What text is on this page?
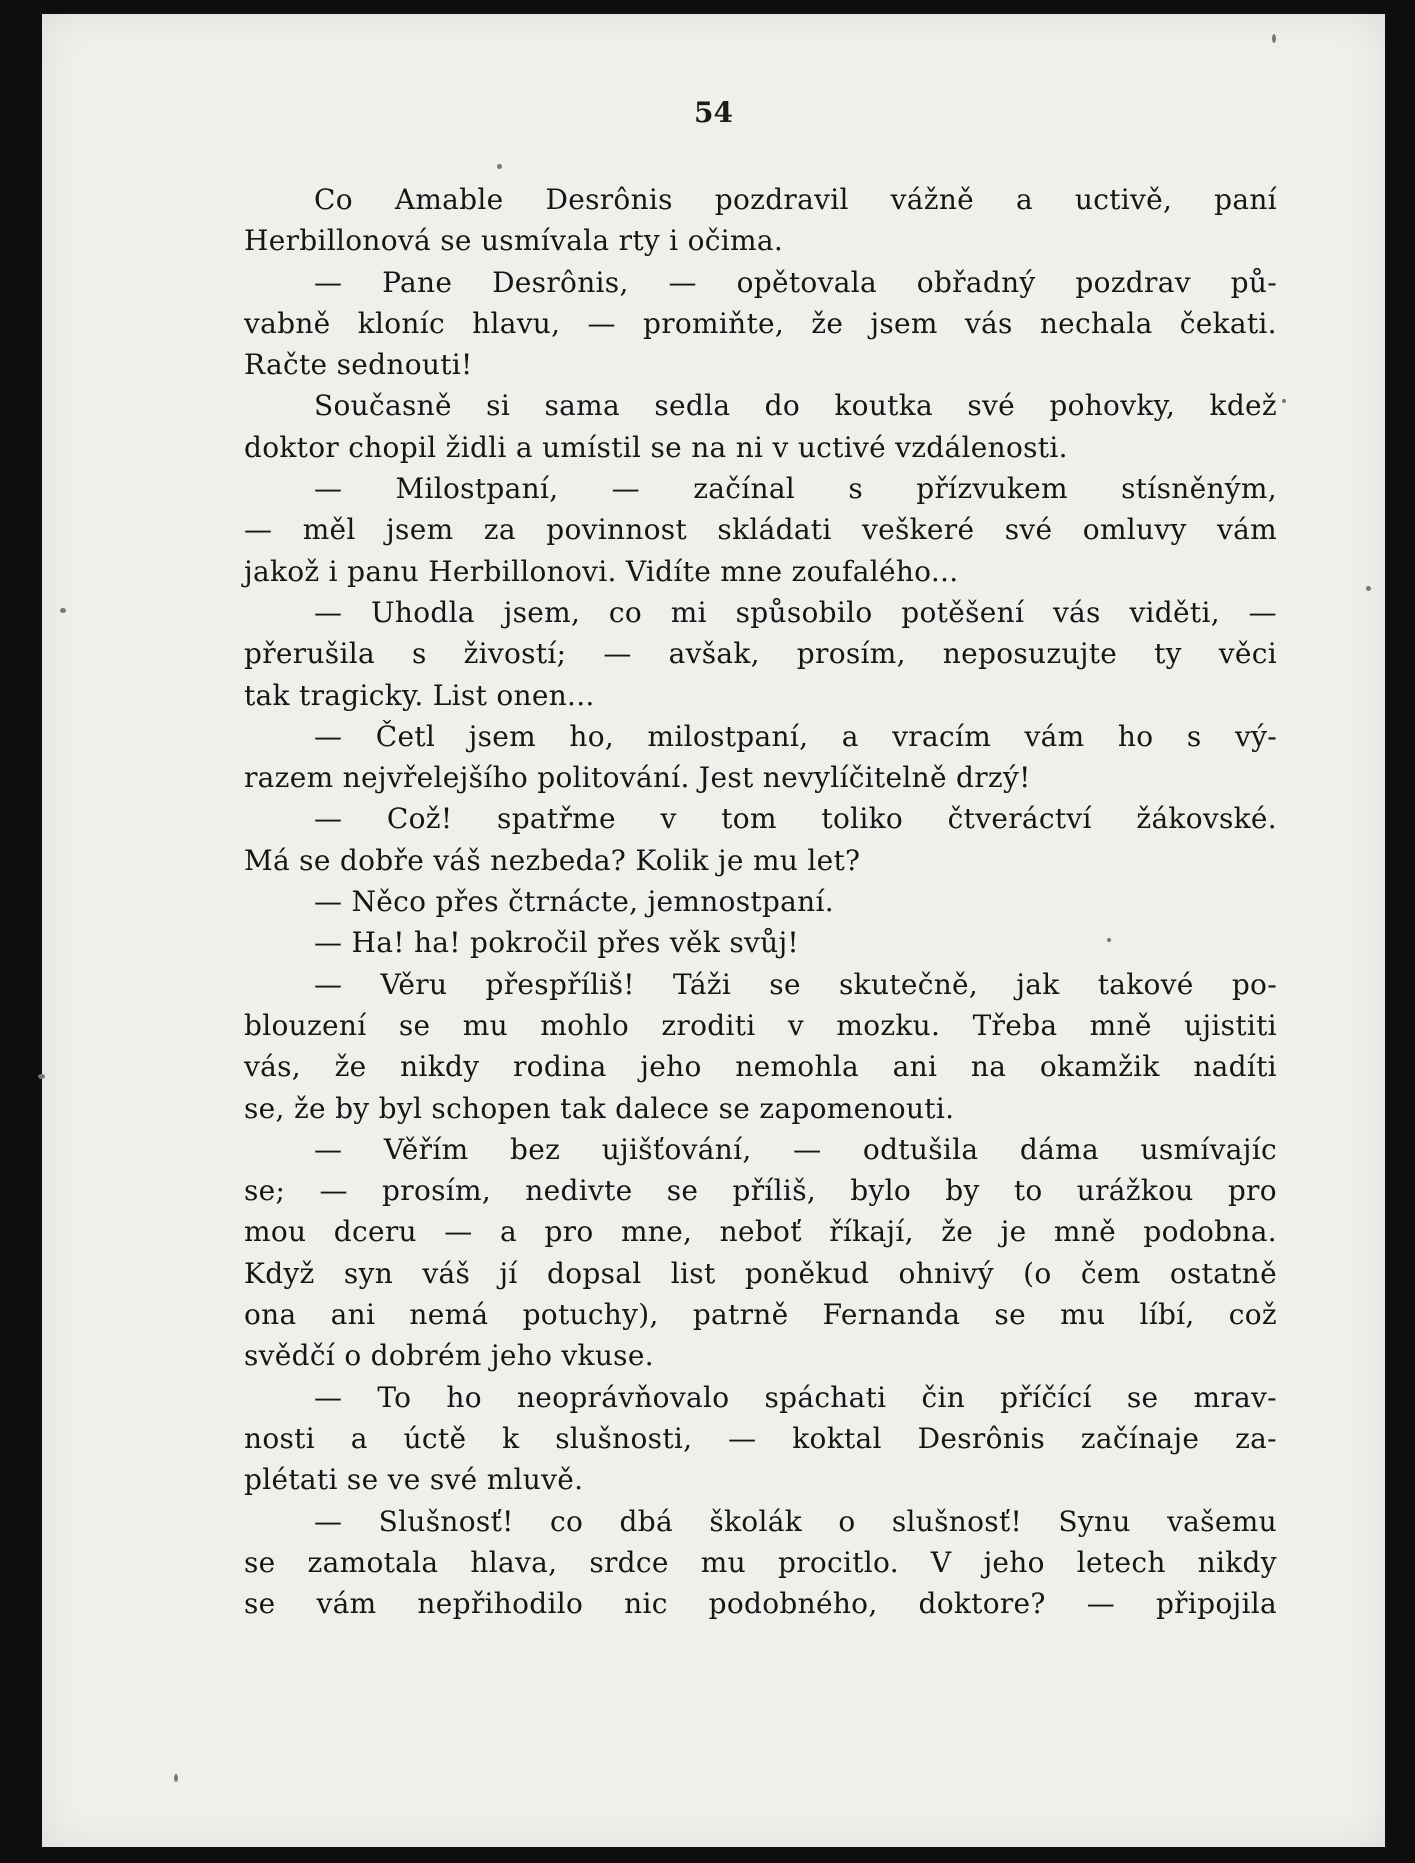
54
Co Amable Desrônis pozdravil vážně a uctivě, paní
Herbillonová se usmívala rty i očima.
— Pane Desrônis, — opětovala obřadný pozdrav pů-
vabně kloníc hlavu, — promiňte, že jsem vás nechala čekati.
Račte sednouti!
Současně si sama sedla do koutka své pohovky, kdež
doktor chopil židli a umístil se na ni v uctivé vzdálenosti.
— Milostpaní, — začínal s přízvukem stísněným,
— měl jsem za povinnost skládati veškeré své omluvy vám
jakož i panu Herbillonovi. Vidíte mne zoufalého...
— Uhodla jsem, co mi spůsobilo potěšení vás viděti, —
přerušila s živostí; — avšak, prosím, neposuzujte ty věci
tak tragicky. List onen...
— Četl jsem ho, milostpaní, a vracím vám ho s vý-
razem nejvřelejšího politování. Jest nevylíčitelně drzý!
— Což! spatřme v tom toliko čtveráctví žákovské.
Má se dobře váš nezbeda? Kolik je mu let?
— Něco přes čtrnácte, jemnostpaní.
— Ha! ha! pokročil přes věk svůj!
— Věru přespříliš! Táži se skutečně, jak takové po-
blouzení se mu mohlo zroditi v mozku. Třeba mně ujistiti
vás, že nikdy rodina jeho nemohla ani na okamžik nadíti
se, že by byl schopen tak dalece se zapomenouti.
— Věřím bez ujišťování, — odtušila dáma usmívajíc
se; — prosím, nedivte se příliš, bylo by to urážkou pro
mou dceru — a pro mne, neboť říkají, že je mně podobna.
Když syn váš jí dopsal list poněkud ohnivý (o čem ostatně
ona ani nemá potuchy), patrně Fernanda se mu líbí, což
svědčí o dobrém jeho vkuse.
— To ho neoprávňovalo spáchati čin příčící se mrav-
nosti a úctě k slušnosti, — koktal Desrônis začínaje za-
plétati se ve své mluvě.
— Slušnosť! co dbá školák o slušnosť! Synu vašemu
se zamotala hlava, srdce mu procitlo. V jeho letech nikdy
se vám nepřihodilo nic podobného, doktore? — připojila
